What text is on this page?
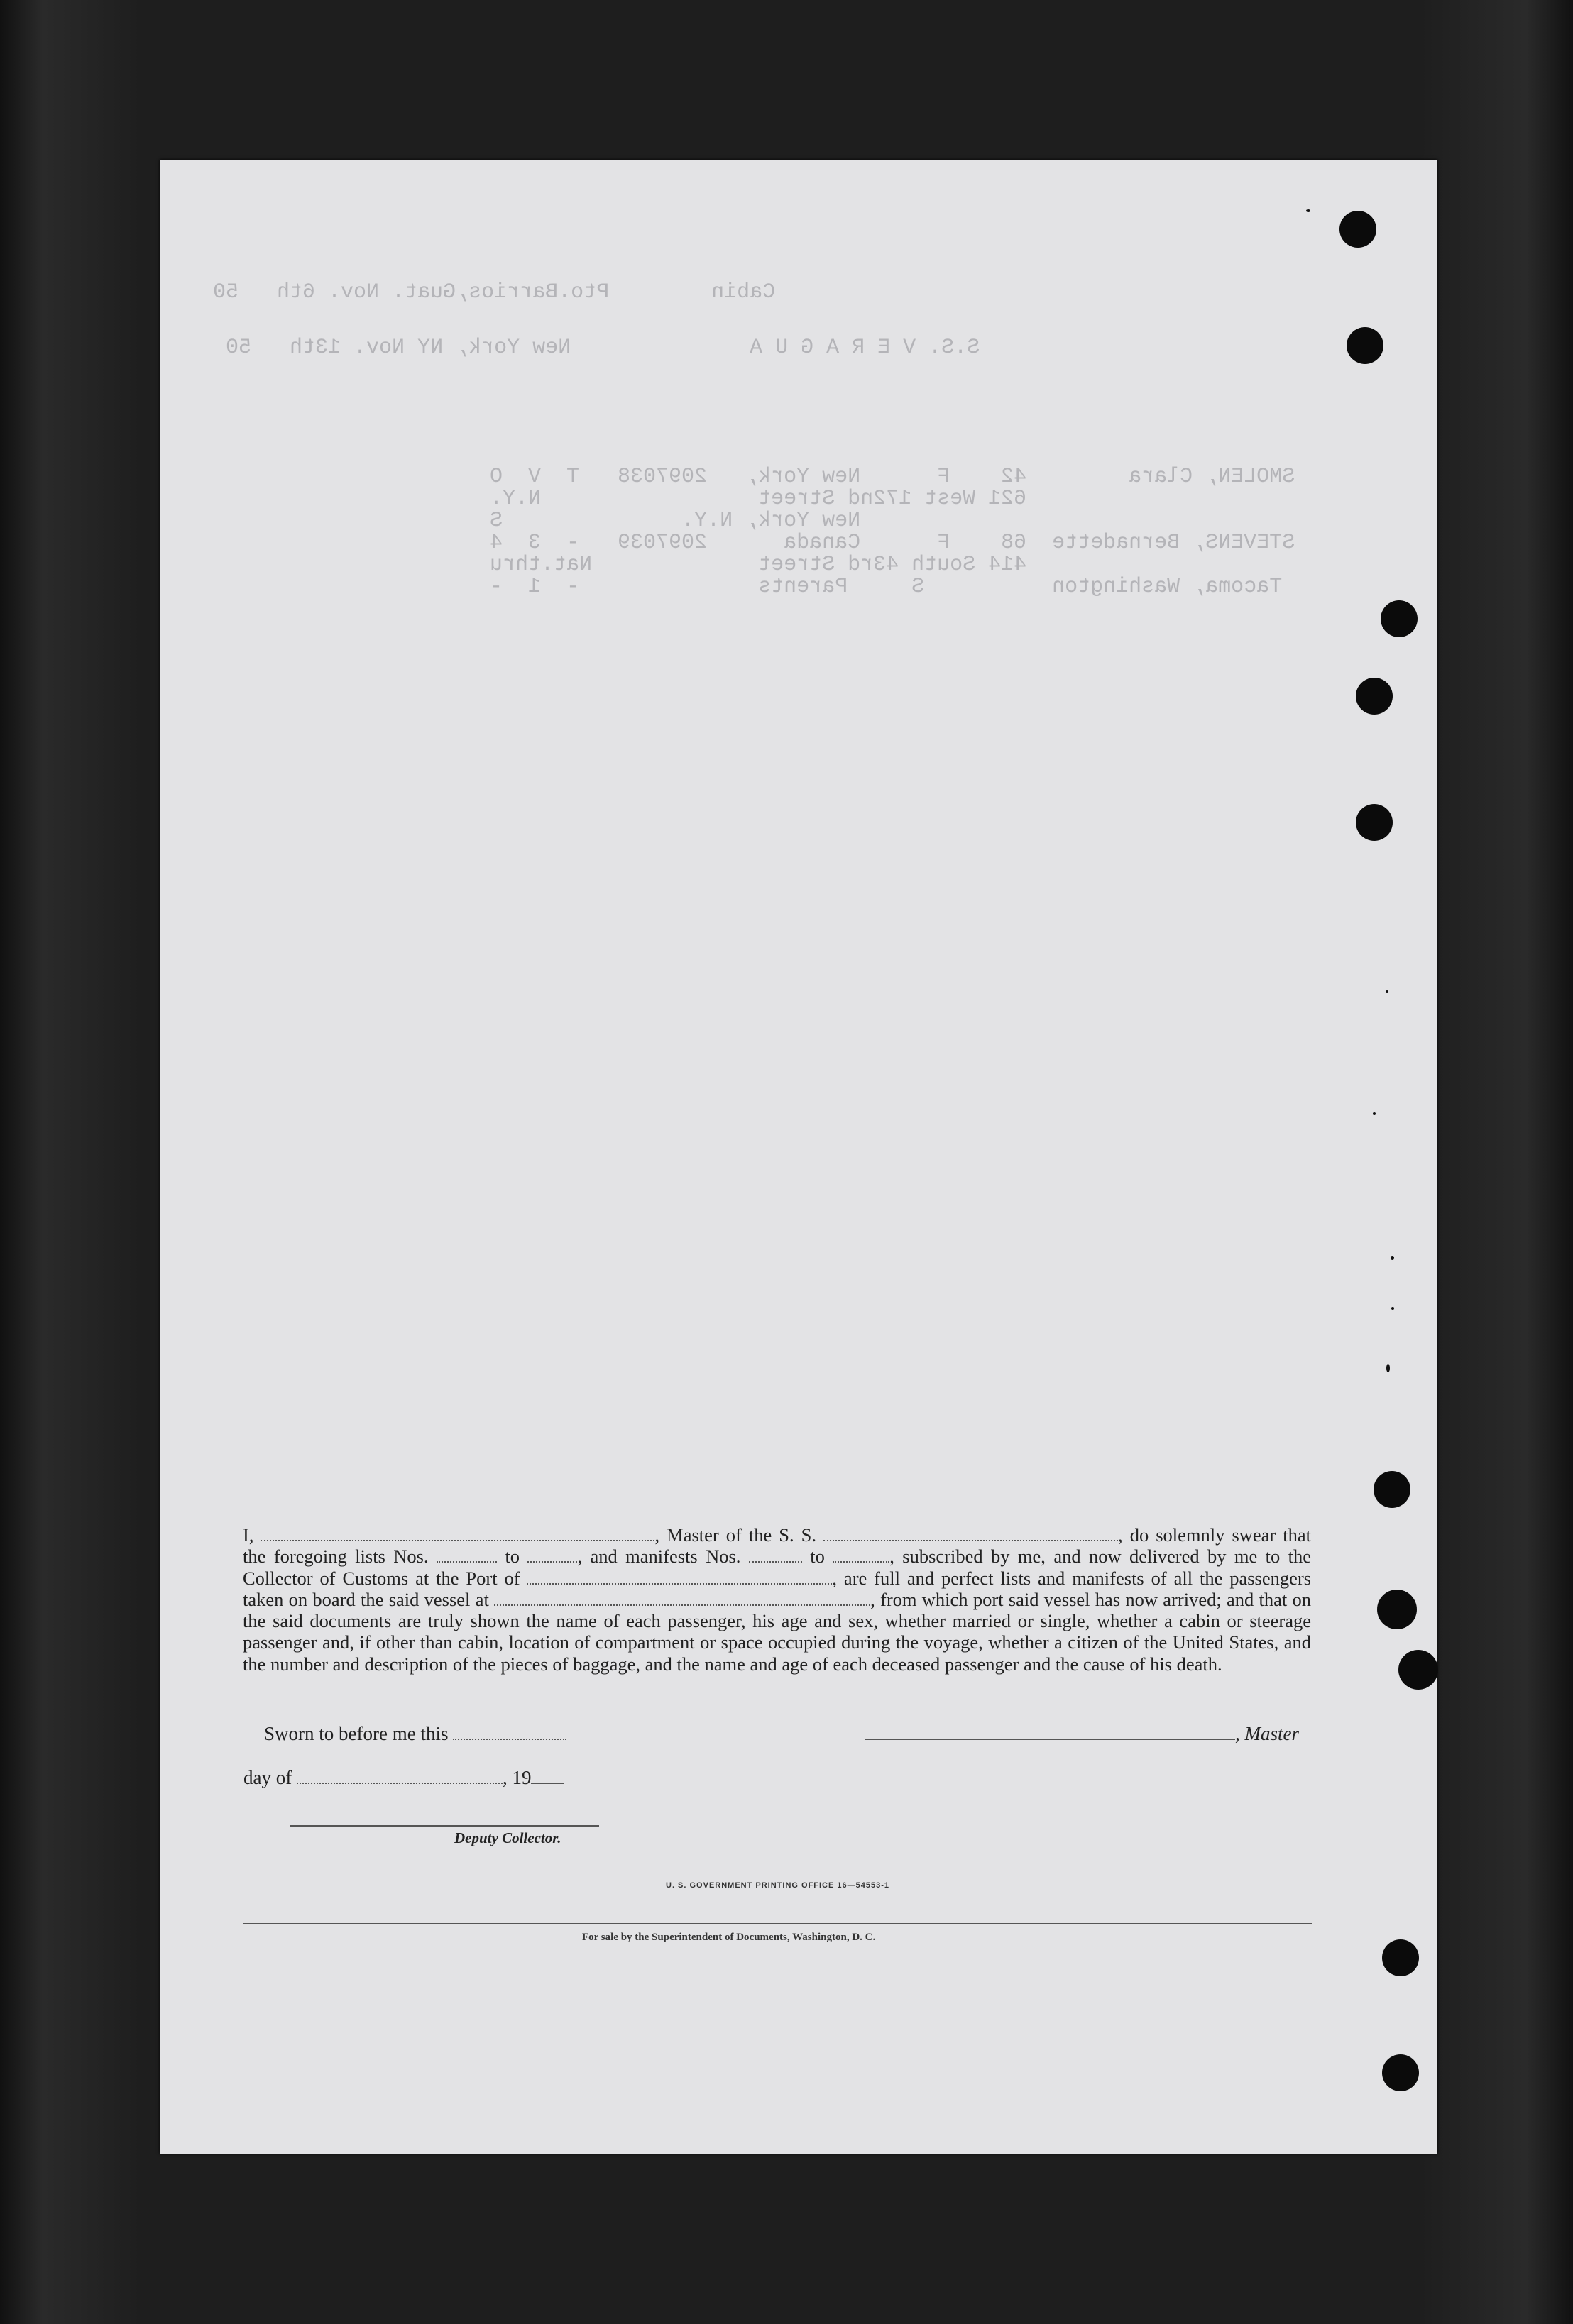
Cabin        Pto.Barrios,Guat. Nov. 6th   50
S.S. V E R A G U A              New York, NY Nov. 13th   50
SMOLEN, Clara        42    F      New York,   2097038   T  V  O
621 West 172nd Street                 N.Y.
New York, N.Y.              S
STEVENS, Bernadette  68    F      Canada      2097039   -  3  4
414 South 43rd Street             Nat.thru
Tacoma, Washington          S     Parents              -  1  -
I,	, Master of the S. S.	, do solemnly swear that the foregoing lists Nos.	to	, and manifests Nos.	to	, subscribed by me, and now delivered by me to the Collector of Customs at the Port of	, are full and perfect lists and manifests of all the passengers taken on board the said vessel at	, from which port said vessel has now arrived; and that on the said documents are truly shown the name of each passenger, his age and sex, whether married or single, whether a cabin or steerage passenger and, if other than cabin, location of compartment or space occupied during the voyage, whether a citizen of the United States, and the number and description of the pieces of baggage, and the name and age of each deceased passenger and the cause of his death.
Sworn to before me this	, Master
day of	, 19
Deputy Collector.
U. S. GOVERNMENT PRINTING OFFICE 16—54553-1
For sale by the Superintendent of Documents, Washington, D. C.
